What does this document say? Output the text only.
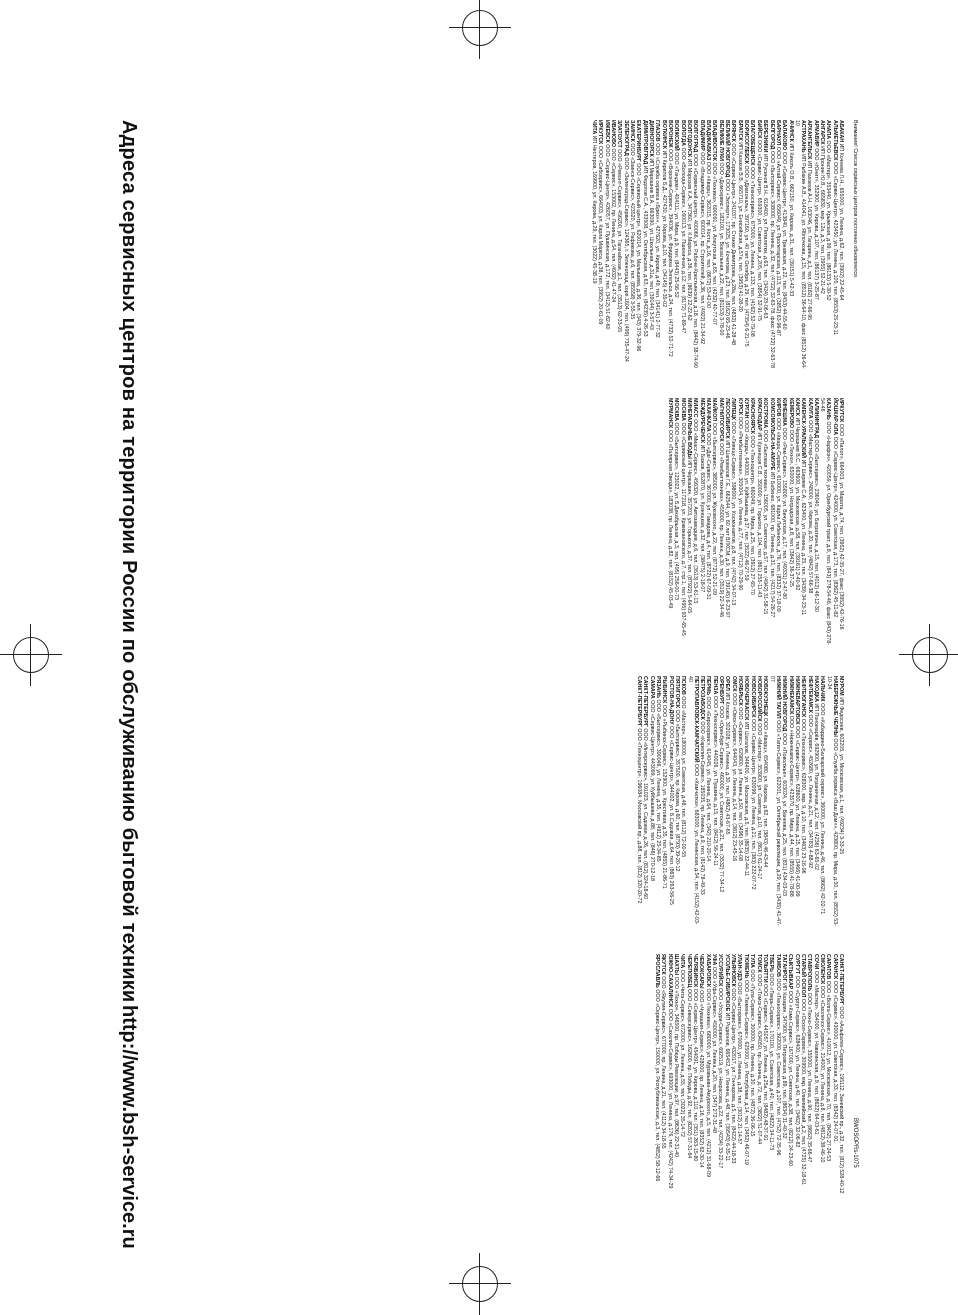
Адреса сервисных центров на территории России по обслуживанию бытовой техники
http://www.bsh-service.ru
АБАКАН ИП Кочнева Л.Н., 655000, ул. Ленина, д.62, тел. (3902) 22-45-64
АЛЬМЕТЬЕВСК ООО «Сервис-Центр», 423450, ул. Ленина, д.105, тел. (8553) 25-23-11
АНАПА ООО «Мастер», 353440, ул. Крымская, д.99, тел. (86133) 5-30-52
АНГАРСК ИП Пронин Ю.В., 665830, мкр. 12а, д.3, тел. (3955) 52-21-42
АРМАВИР ООО «Юнит», 352900, ул. Кирова, д.107, тел. (86137) 3-25-87
АРХАНГЕЛЬСК ИП Пахомов А.Н., 163046, ул. Гагарина, д.1, тел. (8182) 27-66-95
АСТРАХАНЬ ИП Рыбакин А.В., 414041, ул. Яблочкова, д.15, тел. (8512) 36-64-10, факс (8512) 36-64-10
АЧИНСК ИП Кикоть О.В., 662150, ул. Кирова, д.31, тел. (39151) 5-42-33
БАЛАКОВО ООО «Сервис-Центр», 413840, ул. Трнавская, д.22, тел. (8453) 44-55-60
БАРНАУЛ ООО «Алтай-Сервис», 656049, ул. Пролетарская, д.113, тел. (3852) 63-96-87
БЕЛГОРОД ООО «Бытсервис», 308000, пр. Ленина, д.32, тел. (4722) 32-63-78, факс (4722) 32-63-78
БЕРЕЗНИКИ ИП Русинов В.Н., 618400, ул. Пятилетки, д.63, тел. (3424) 23-06-63
БИЙСК ООО «Сервис-Центр», 659300, ул. Советская, д.205, тел. (3854) 32-91-75
БЛАГОВЕЩЕНСК ООО «Техносервис», 675000, ул. Ленина, д.133, тел. (4162) 52-79-08
БОРИСОГЛЕБСК ООО «Диагональ», 397160, ул. 40 лет Октября, д.29, тел. (47354) 6-21-75
БРАТСК ИП Казаков В.В., 665710, ул. Енисейская, д.57а, тел. (3953) 41-28-20
БРЯНСК ООО «Сервис-Центр», 241037, пр. Станке Димитрова, д.28а, тел. (4832) 41-28-48
ВЕЛИКИЙ НОВГОРОД ООО «Эксперт», 173025, ул. Кочетова, д.23, тел. (8162) 65-23-46
ВЕЛИКИЕ ЛУКИ ООО «Домсервис», 182100, ул. Вокзальная, д.22, тел. (81153) 3-78-00
ВЛАДИВОСТОК ООО «Техника», 690091, ул. Алеутская, д.65, тел. (4232) 40-77-07
ВЛАДИКАВКАЗ ООО «Кварц», 362015, пр. Коста, д.16, тел. (8672) 53-42-00
ВЛАДИМИР ООО «Владимир-Сервис», 600014, пр. Строителей, д.36, тел. (4922) 21-34-92
ВОЛГОГРАД ООО «Сервисный центр», 400066, ул. Рабоче-Крестьянская, д.18, тел. (8442) 38-74-90
ВОЛГОДОНСК ИП Морозов К.А., 347360, ул. К.Маркса, д.36, тел. (8639) 22-22-62
ВОЛОГДА ООО «Вологда-Сервис», 160013, ул. Пшеничная, д.12, тел. (8172) 71-89-47
ВОЛЖСКИЙ ООО «Тандем», 404111, ул. Мира, д.9, тел. (8443) 25-56-52
ВОРОНЕЖ ООО «Воронеж-Сервис», 394036, ул. Фридриха Энгельса, д.24, тел. (4732) 52-71-72
ВОТКИНСК ИП Кирилов Б.Д., 427430, ул. Кирова, д.10, тел. (34145) 4-35-02
ГЛАЗОВ ООО «Служба сервиса «Бриз»», 427620, ул. Кирова, д.49, тел. (34141) 2-77-32
ДИВНОГОРСК ИП Мирошник В.А., 663090, ул. Школьная, д.31а, тел. (39144) 3-57-43
ДИМИТРОВГРАД ИП Федотов С.А., 433508, ул. Октябрьская, д.63, тел. (84235) 4-26-53
ЕКАТЕРИНБУРГ ООО «Сервисный центр», 620014, ул. Малышева, д.36, тел. (343) 379-32-96
ЗАИНСК ООО «Заинск-Сервис», 423520, ул. Рафикова, д.6, тел. (85558) 3-55-35
ЗЕЛЕНОГРАД ООО «Зеленоград-Сервис», 124365, г. Зеленоград, корп.1604, тел. (499) 735-47-24
ЗЛАТОУСТ ООО «Ремонт-Сервис», 456200, ул. Таганайская, д.1, тел. (3513) 62-33-05
ИВАНОВО ООО «Сервис», 153002, пр. Ленина, д.54, тел. (4932) 41-47-24
ИЖЕВСК ООО «Сервис-Центр», 426057, ул. Пушкинская, д.172, тел. (3412) 51-82-60
ИРКУТСК ООО «Сибсервис», 664003, ул. Карла Маркса, д.38, тел. (3952) 20-61-09
ЧИТА ИП Нестеров, 169900, ул. Кирова, д.29, тел. (3022) 45-38-19
ИРКУТСК ООО «Пилот», 664003, ул. Марата, д.74, тел. (3952) 42-35-27, факс (3952) 42-76-16
ЙОШКАР-ОЛА ООО «Сервис-Центр», 424000, ул. Советская, д.173, тел. (8362) 45-11-82
КАЗАНЬ ООО «Нарфон», 420059, ул. Оренбургский тракт, д.8, тел. (843) 278-54-46, факс (843) 278-54-46
КАЛИНИНГРАД ООО «Бытсервис», 236040, ул. Багратиона, д.15, тел. (4012) 46-12-30
КАЛУГА ООО «Мастер-Сервис», 248000, ул. Кирова, д.20, тел. (4842) 57-66-38
КАМЕНСК-УРАЛЬСКИЙ ИП Ширяев С.А., 623400, ул. Ленина, д.25, тел. (3439) 34-23-11
КАНСК ИП Черешнев В.С., 663600, ул. Московская, д.58, тел. (39161) 2-40-92
КЕМЕРОВО ООО «Техно», 650000, ул. Ноградская, д.8, тел. (3842) 36-37-25
КИНЕШМА ООО «Рем-Сервис», 155800, ул. Вичугская, д.17, тел. (49331) 2-47-80
КИРОВ ООО «Кварц-Сервис», 610000, ул. Карла Либкнехта, д.76, тел. (8332) 37-18-09
КОМСОМОЛЬСК-НА-АМУРЕ ИП Бабенко, 681000, пр. Ленина, д.31, тел. (4217) 54-28-27
КОСТРОМА ООО «Бытовая техника», 156005, ул. Советская, д.57, тел. (4942) 31-58-15
КРАСНОДАР ИП Кузнецов С.В., 350000, ул. Горького, д.104, тел. (861) 255-11-43
КРАСНОЯРСК ООО «Техноцентр», 660049, пр. Мира, д.25, тел. (3912) 27-65-70
КУРГАН ООО «Кварц», 640000, ул. Куйбышева, д.37, тел. (3522) 46-27-59
КУРСК ООО «Рембыттехника», 305004, ул. Ленина, д.77, тел. (4712) 70-29-90
ЛИПЕЦК ООО «Липецк-Сервис», 398000, ул. Космонавтов, д.8, тел. (4742) 34-07-13
ЛЕСОСИБИРСК ИП Шаповалов Г.Е., 662544, ул. 60 лет ВЛКСМ, д.9, тел. (39145) 6-23-97
МАГНИТОГОРСК ООО «Рембыттехника», 455000, пр. Ленина, д.30, тел. (3519) 22-34-46
МАЙКОП ООО «Бытсервис», 385000, ул. Жуковского, д.22, тел. (8772) 52-21-09
МАХАЧКАЛА ООО «Даг-Сервис», 367000, ул. Гамидова, д.4, тел. (8722) 67-09-31
МЕЖДУРЕЧЕНСК ИП Бажов, 652870, ул. Кузнецкая, д.32, тел. (38475) 2-18-07
МИАСС ООО «Миасс-Сервис», 456320, ул. Автозаводцев, д.6, тел. (3513) 53-61-13
МИНЕРАЛЬНЫЕ ВОДЫ ИП Черкашин, 357203, ул. Горького, д.37, тел. (87922) 5-64-05
МОСКВА ООО «Сервисный центр», 117218, ул. Кржижановского, д.7, стр.1, тел. (495) 937-65-45
МОСКВА ООО «Бытсервис», 123022, ул. Б.Декабрьская, д.3, тел. (495) 256-00-73
МУРМАНСК ООО «Полярная Звезда», 183038, пр. Ленина, д.82, тел. (8152) 45-03-49
МУРОМ ИП Федосеев, 602205, ул. Московская, д.1, тел. (49234) 3-33-25
НАБЕРЕЖНЫЕ ЧЕЛНЫ ООО «Служба сервиса «Ваш Дом»», 423800, пр. Мира, д.50, тел. (8552) 53-10-34
НАЛЬЧИК ООО «Кабардино-Балкарский сервис», 360000, ул. Ленина, д.46, тел. (8662) 42-02-71
НАХОДКА ИП Пономарёв, 692900, ул. Пограничная, д.12, тел. (4236) 63-65-02
НЕФТЕКАМСК ООО «Сервис», 452680, ул. Ленина, д.21, тел. (34783) 4-88-92
НЕФТЕЮГАНСК ООО «Техносервис», 628300, мкр. 9, д.10, тел. (3463) 23-16-96
НИЖНЕВАРТОВСК ООО «Сервис-Центр», 628600, ул. Ленина, д.15, тел. (3466) 41-00-99
НИЖНЕКАМСК ООО «Нижнекамск-Сервис», 423570, пр. Мира, д.44, тел. (8555) 41-78-88
НИЖНИЙ НОВГОРОД ООО «Поволжье», 603024, ул. Ванеева, д.25, тел. (831) 434-03-03
НИЖНИЙ ТАГИЛ ООО «Тагил-Сервис», 622001, ул. Октябрьской революции, д.29, тел. (3435) 41-47-07
НОВОКУЗНЕЦК ООО «Кварц», 654080, ул. Кирова, д.62, тел. (3843) 46-43-44
НОВОРОССИЙСК ООО «Мастер», 353900, ул. Советов, д.10, тел. (8617) 61-24-17
НОВОСИБИРСК ООО «Сервис-Центр», 630099, ул. Ленина, д.21, тел. (383) 222-07-72
НОВОЧЕРКАССК ИП Шаталов, 346400, ул. Московская, д.5, тел. (8635) 22-44-11
НОЯБРЬСК ООО «Сервис», 629800, ул. Ленина, д.50, тел. (3496) 35-14-08
ОМСК ООО «Омск-Сервис», 644043, ул. Ленина, д.14, тел. (3812) 23-45-16
ОРЕЛ ИП Клоков, 302028, ул. Ленина, д.30, тел. (4862) 43-67-65
ОРЕНБУРГ ООО «Оренбург-Сервис», 460000, ул. Советская, д.21, тел. (3532) 77-34-12
ПЕНЗА ООО «Техносервис», 440026, ул. Пушкина, д.15, тел. (8412) 56-24-11
ПЕРМЬ ООО «Евросервис», 614045, ул. Ленина, д.64, тел. (342) 210-20-14
ПЕТРОЗАВОДСК ООО «Карелия-Сервис», 185035, пр. Ленина, д.9, тел. (8142) 78-49-33
ПЕТРОПАВЛОВСК-КАМЧАТСКИЙ ООО «Камчатка», 683000, ул. Ленинская, д.54, тел. (4152) 42-03-40
ПСКОВ ООО «Мастер», 180000, ул. Советская, д.48, тел. (8112) 72-00-55
ПЯТИГОРСК ООО «Бытсервис», 357500, пр. Кирова, д.60, тел. (8793) 39-20-12
РОСТОВ-НА-ДОНУ ООО «Сервис-Центр», 344002, ул. Б.Садовая, д.64, тел. (863) 263-56-25
РЫБИНСК ООО «Рыбинск-Сервис», 152900, ул. Крестовая, д.35, тел. (4855) 21-86-71
РЯЗАНЬ ООО «Бытсервис», 390046, ул. Ленина, д.35, тел. (4912) 25-34-85
САМАРА ООО «Сервис-Центр», 443099, ул. Куйбышева, д.88, тел. (846) 270-12-18
САНКТ-ПЕТЕРБУРГ ООО «Интерсервис», 191023, ул. Садовая, д.26, тел. (812) 324-18-60
САНКТ-ПЕТЕРБУРГ ООО «Техноцентр», 196084, Московский пр., д.88, тел. (812) 320-20-72
САНКТ-ПЕТЕРБУРГ ООО «Альфатех-Сервис», 195112, Заневский пр., д.32, тел. (812) 528-40-12
САРАНСК ООО «Сервис», 430000, ул. Советская, д.33, тел. (8342) 24-07-91
САРАТОВ ООО «Волга-Сервис», 410012, ул. Московская, д.70, тел. (8452) 27-24-53
СМОЛЕНСК ООО «Смоленск-Сервис», 214000, ул. Ленина, д.8, тел. (4812) 38-46-10
СОЧИ ООО «Мастер», 354000, ул. Навагинская, д.9, тел. (8622) 64-03-61
СТАВРОПОЛЬ ООО «Техно-Сервис», 355000, ул. Ленина, д.90, тел. (8652) 35-66-47
СТАРЫЙ ОСКОЛ ООО «Оскол-Сервис», 309500, мкр. Олимпийский, д.2, тел. (4725) 32-18-61
СУРГУТ ООО «Сургут-Сервис», 628400, ул. Ленина, д.40, тел. (3462) 32-06-82
СЫКТЫВКАР ООО «Коми-Сервис», 167000, ул. Советская, д.38, тел. (8212) 24-23-60
ТАГАНРОГ ИП Казарин, 347900, ул. Петровская, д.89, тел. (8634) 31-40-32
ТАМБОВ ООО «Техносервис», 392000, ул. Советская, д.107, тел. (4752) 72-35-96
ТВЕРЬ ООО «Тверь-Сервис», 170100, ул. Советская, д.40, тел. (4822) 34-11-73
ТОЛЬЯТТИ ООО «Сервис», 445057, ул. Ленина, д.25а, тел. (8482) 48-37-91
ТОМСК ООО «Томск-Сервис», 634050, пр. Ленина, д.72, тел. (3822) 51-07-44
ТУЛА ООО «Тула-Сервис», 300000, пр. Ленина, д.30, тел. (4872) 36-06-15
ТЮМЕНЬ ООО «Тюмень-Сервис», 625000, ул. Республики, д.14, тел. (3452) 46-07-19
УЛАН-УДЭ ООО «Бытсервис», 670000, ул. Ленина, д.38, тел. (3012) 21-14-57
УЛЬЯНОВСК ООО «Сервис-Центр», 432017, ул. Гончарова, д.5, тел. (8422) 44-18-33
УСОЛЬЕ-СИБИРСКОЕ ИП Родионов, 665452, ул. Ленина, д.48, тел. (39543) 6-35-11
УССУРИЙСК ООО «Уссури-Сервис», 692519, ул. Некрасова, д.22, тел. (4234) 33-22-17
УФА ООО «Уфа-Сервис», 450000, ул. Ленина, д.20, тел. (347) 272-31-48
ХАБАРОВСК ООО «Техника», 680000, ул. Муравьева-Амурского, д.5, тел. (4212) 31-68-09
ЧЕБОКСАРЫ ООО «Чувашия-Сервис», 428000, пр. Ленина, д.16, тел. (8352) 62-30-14
ЧЕЛЯБИНСК ООО «Сервис-Центр», 454091, ул. Кирова, д.110, тел. (351) 263-15-80
ЧЕРЕПОВЕЦ ООО «Северсервис», 162600, пр. Победы, д.92, тел. (8202) 57-31-64
ЧИТА ООО «Чита-Сервис», 672000, ул. Ленина, д.55, тел. (3022) 35-14-72
ШАХТЫ ООО «Техно», 346500, пр. Победы Революции, д.97, тел. (8636) 22-31-40
ЮЖНО-САХАЛИНСК ООО «Сахалин-Сервис», 693000, ул. Ленина, д.176, тел. (4242) 74-34-29
ЯКУТСК ООО «Якутия-Сервис», 677000, пр. Ленина, д.21, тел. (4112) 34-18-55
ЯРОСЛАВЛЬ ООО «Сервис-Центр», 150000, ул. Республиканская, д.3, тел. (4852) 58-12-66
Внимание! Список сервисных центров постоянно обновляется.
BWOSOPRs-1075
